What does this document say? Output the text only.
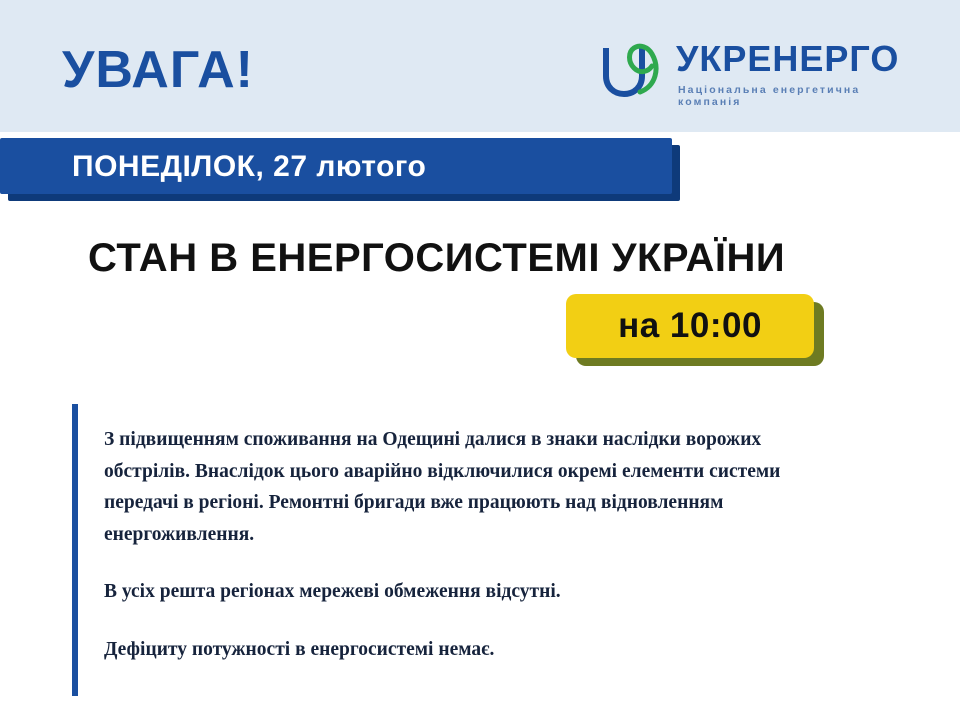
УВАГА!	УКРЕНЕРГО
Національна енергетична компанія
ПОНЕДІЛОК, 27 лютого
СТАН В ЕНЕРГОСИСТЕМІ УКРАЇНИ
на 10:00

З підвищенням споживання на Одещині далися в знаки наслідки ворожих обстрілів. Внаслідок цього аварійно відключилися окремі елементи системи передачі в регіоні. Ремонтні бригади вже працюють над відновленням енергоживлення.

В усіх решта регіонах мережеві обмеження відсутні.

Дефіциту потужності в енергосистемі немає.
